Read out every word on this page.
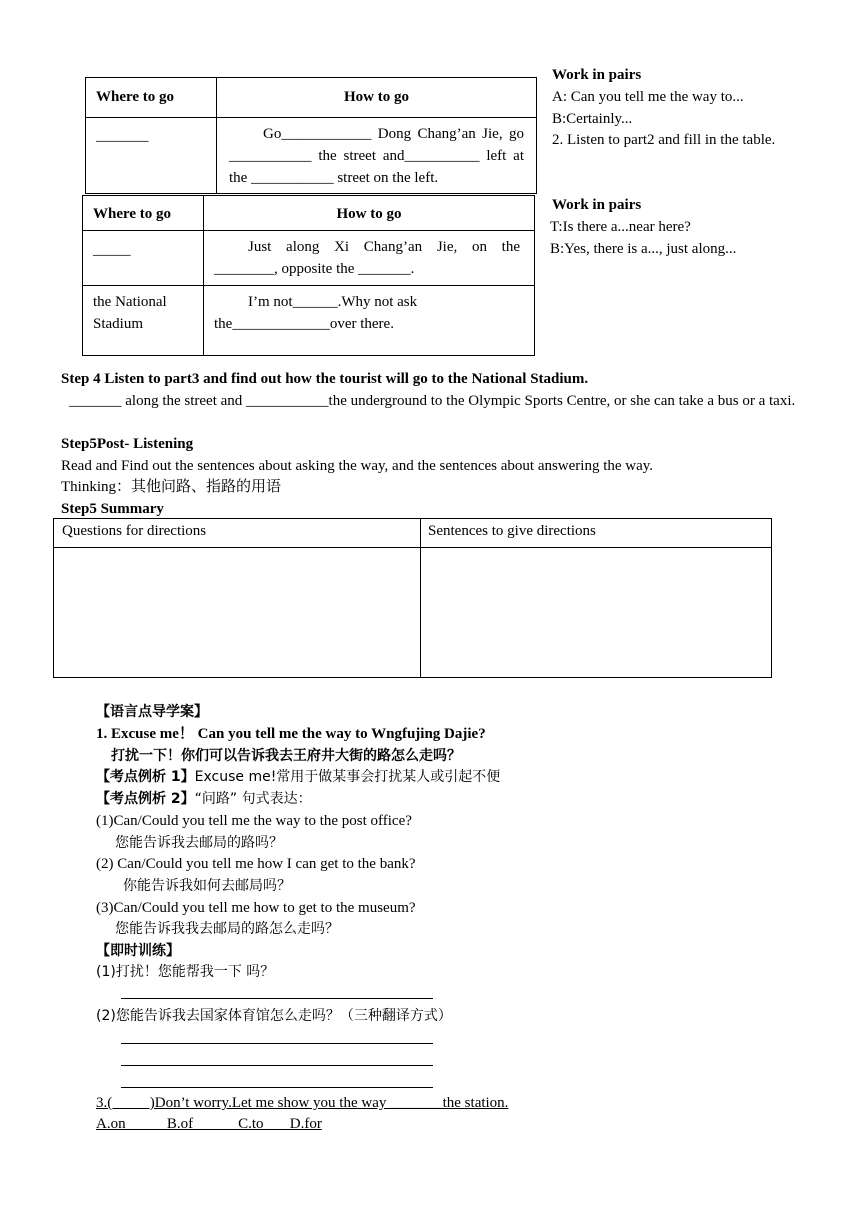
Where to go	How to go
_______	Go____________ Dong Chang’an Jie, go ___________ the street and__________ left at the ___________ street on the left.
Where to go	How to go
_____	Just along Xi Chang’an Jie, on the ________, opposite the _______.
the National Stadium	I’m not______.Why not ask the_____________over there.
Work in pairs
A: Can you tell me the way to...
B:Certainly...
2. Listen to part2 and fill in the table.
Work in pairs
T:Is there a...near here?
B:Yes, there is a..., just along...
Step 4 Listen to part3 and find out how the tourist will go to the National Stadium.
_______ along the street and ___________the underground to the Olympic Sports Centre, or she can take a bus or a taxi.
Step5Post- Listening
Read and Find out the sentences about asking the way, and the sentences about answering the way.
Thinking：其他问路、指路的用语
Step5 Summary
Questions for directions	Sentences to give directions

【语言点导学案】
1. Excuse me！ Can you tell me the way to Wngfujing Dajie?
打扰一下！你们可以告诉我去王府井大街的路怎么走吗？
【考点例析 1】Excuse me!常用于做某事会打扰某人或引起不便
【考点例析 2】“问路” 句式表达：
(1)Can/Could you tell me the way to the post office?
您能告诉我去邮局的路吗？
(2) Can/Could you tell me how I can get to the bank?
你能告诉我如何去邮局吗？
(3)Can/Could you tell me how to get to the museum?
您能告诉我我去邮局的路怎么走吗？
【即时训练】
(1)打扰！您能帮我一下 吗？
(2)您能告诉我去国家体育馆怎么走吗？（三种翻译方式）
3.(          )Don’t worry.Let me show you the way _______the station.
A.on           B.of            C.to       D.for
